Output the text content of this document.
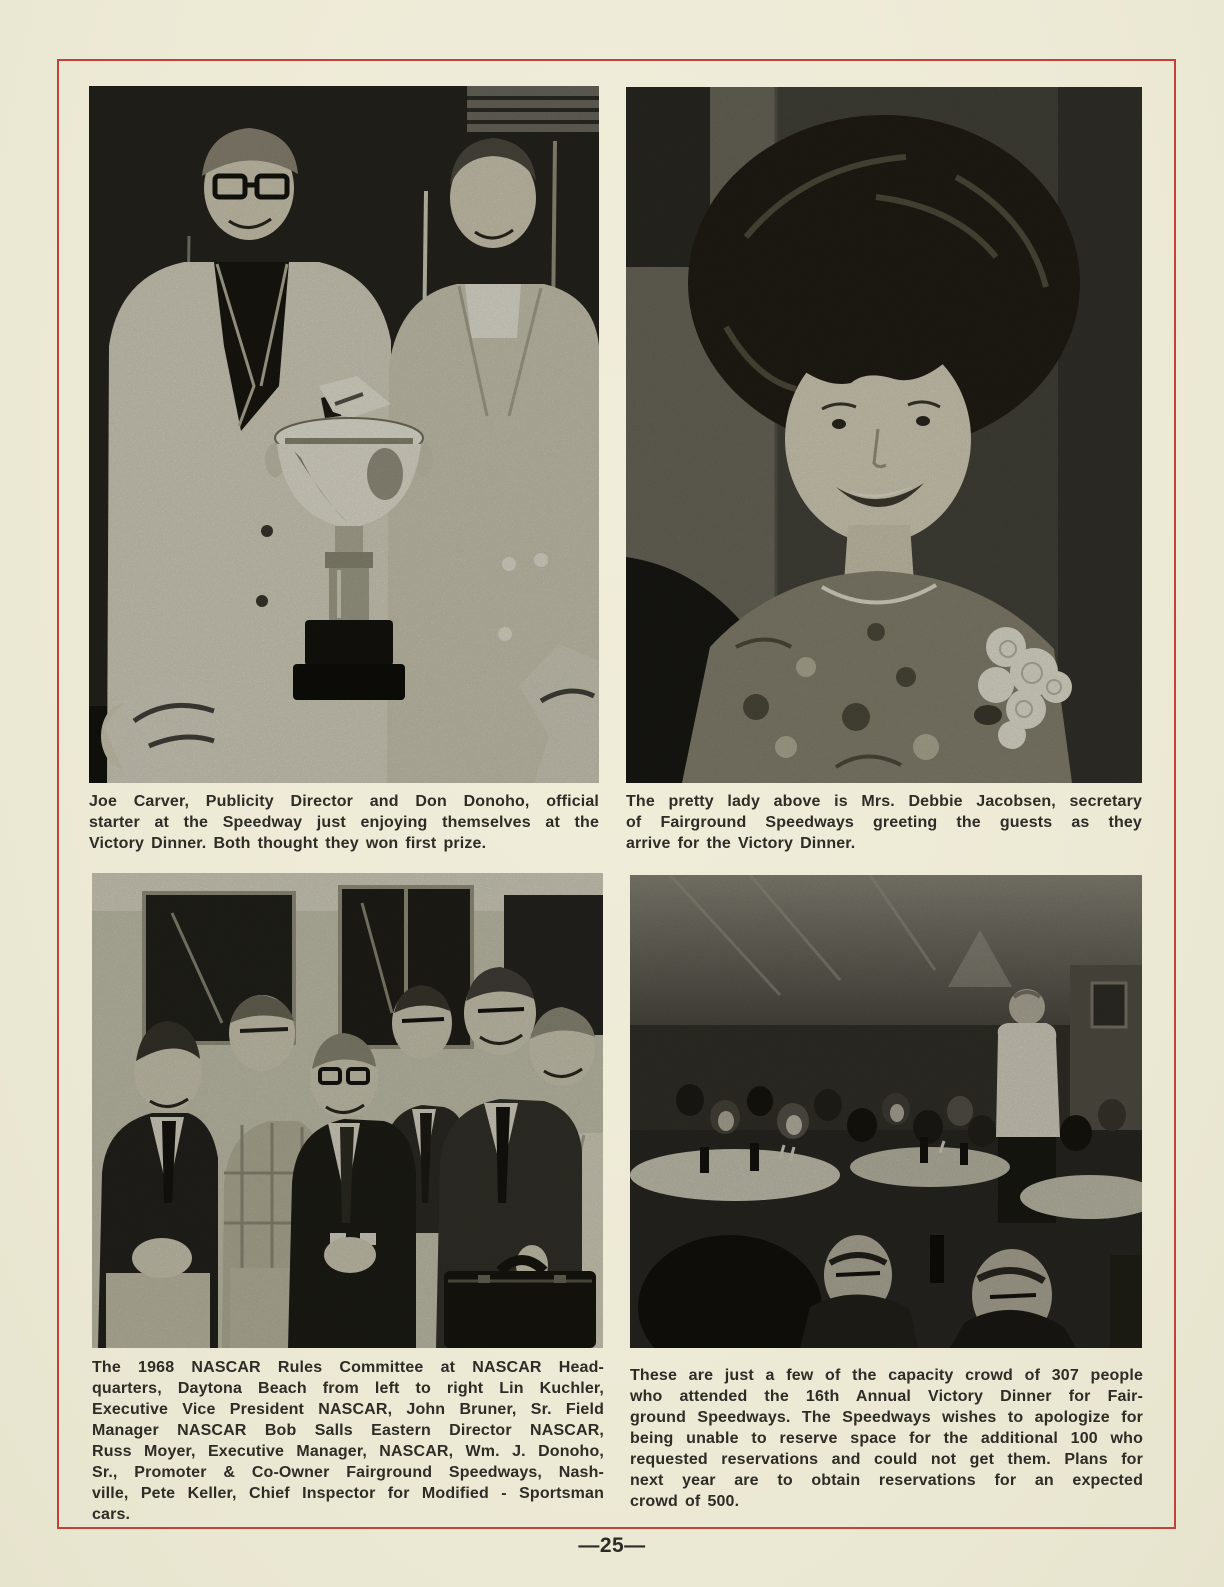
Joe Carver, Publicity Director and Don Donoho, official
starter at the Speedway just enjoying themselves at the
Victory Dinner. Both thought they won first prize.
The pretty lady above is Mrs. Debbie Jacobsen, secretary
of Fairground Speedways greeting the guests as they
arrive for the Victory Dinner.
The 1968 NASCAR Rules Committee at NASCAR Head-
quarters, Daytona Beach from left to right Lin Kuchler,
Executive Vice President NASCAR, John Bruner, Sr. Field
Manager NASCAR Bob Salls Eastern Director NASCAR,
Russ Moyer, Executive Manager, NASCAR, Wm. J. Donoho,
Sr., Promoter & Co-Owner Fairground Speedways, Nash-
ville, Pete Keller, Chief Inspector for Modified - Sportsman
cars.
These are just a few of the capacity crowd of 307 people
who attended the 16th Annual Victory Dinner for Fair-
ground Speedways. The Speedways wishes to apologize for
being unable to reserve space for the additional 100 who
requested reservations and could not get them. Plans for
next year are to obtain reservations for an expected
crowd of 500.
—25—
